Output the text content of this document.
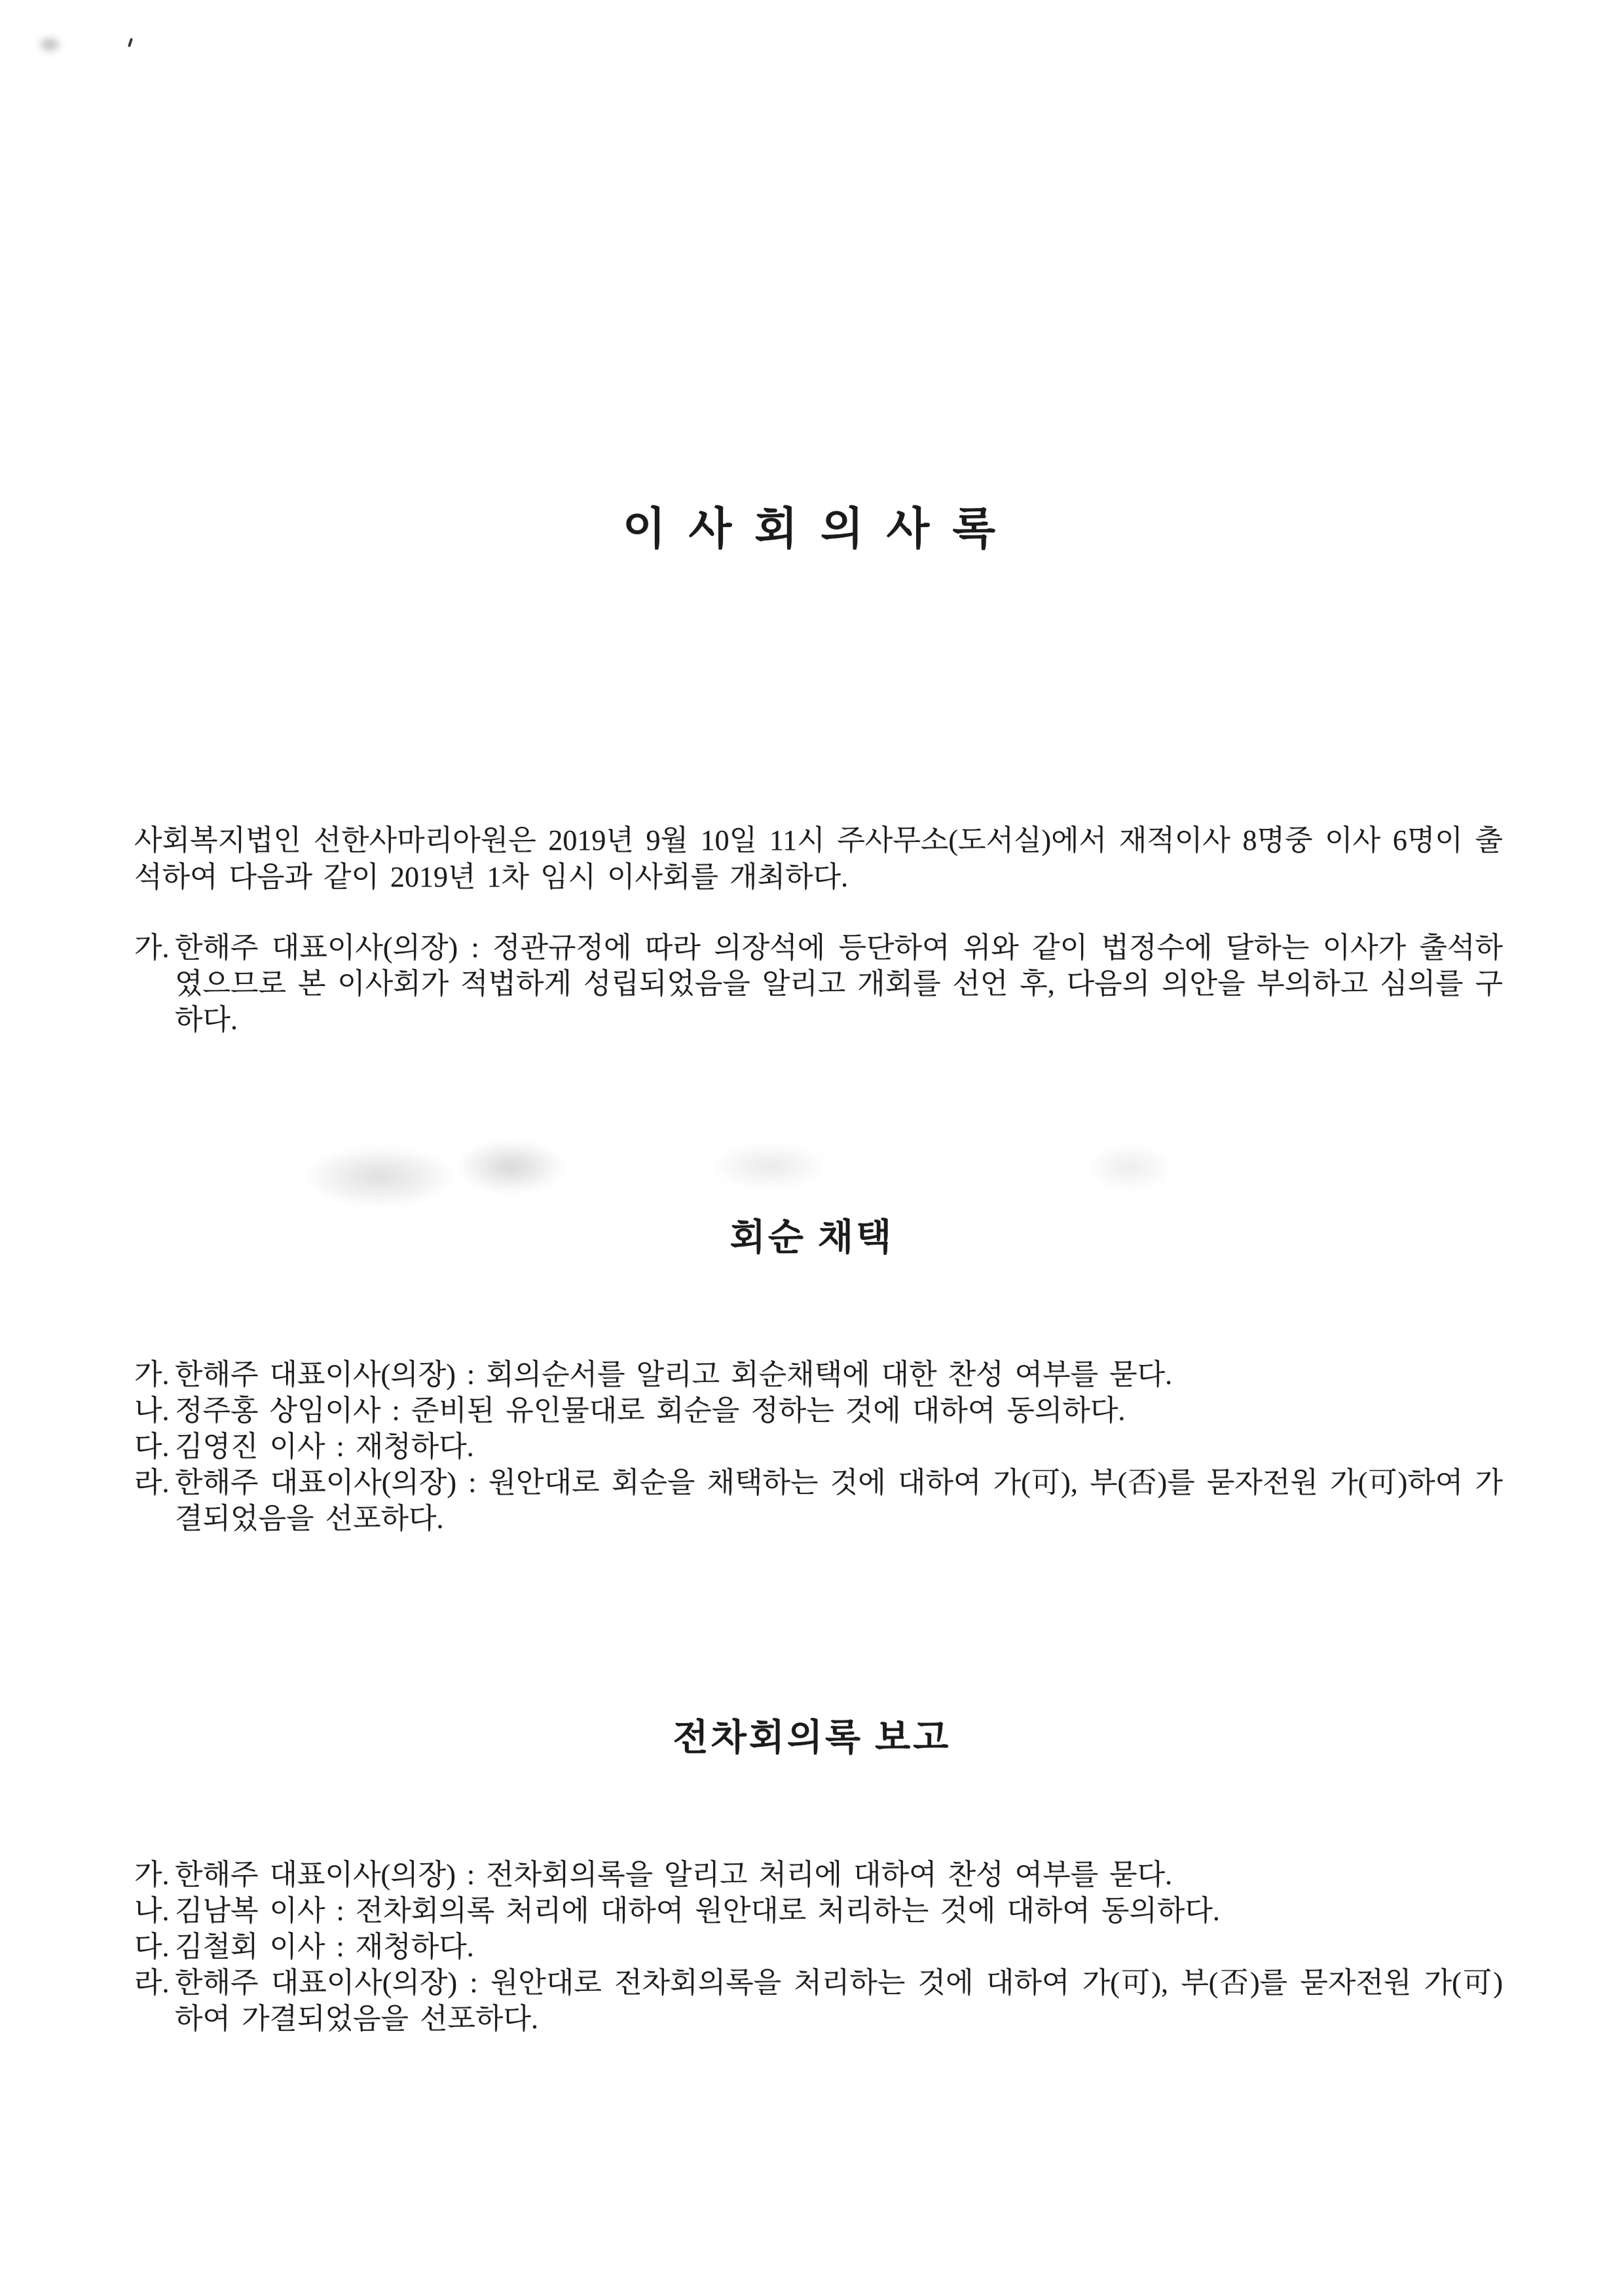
이 사 회 의 사 록
사회복지법인 선한사마리아원은 2019년 9월 10일 11시 주사무소(도서실)에서 재적이사 8명중 이사 6명이 출석하여 다음과 같이 2019년 1차 임시 이사회를 개최하다.
가. 한해주 대표이사(의장) : 정관규정에 따라 의장석에 등단하여 위와 같이 법정수에 달하는 이사가 출석하였으므로 본 이사회가 적법하게 성립되었음을 알리고 개회를 선언 후, 다음의 의안을 부의하고 심의를 구하다.
회순 채택
가. 한해주 대표이사(의장) : 회의순서를 알리고 회순채택에 대한 찬성 여부를 묻다.
나. 정주홍 상임이사 : 준비된 유인물대로 회순을 정하는 것에 대하여 동의하다.
다. 김영진 이사 : 재청하다.
라. 한해주 대표이사(의장) : 원안대로 회순을 채택하는 것에 대하여 가(可), 부(否)를 묻자전원 가(可)하여 가결되었음을 선포하다.
전차회의록 보고
가. 한해주 대표이사(의장) : 전차회의록을 알리고 처리에 대하여 찬성 여부를 묻다.
나. 김남복 이사 : 전차회의록 처리에 대하여 원안대로 처리하는 것에 대하여 동의하다.
다. 김철회 이사 : 재청하다.
라. 한해주 대표이사(의장) : 원안대로 전차회의록을 처리하는 것에 대하여 가(可), 부(否)를 묻자전원 가(可)하여 가결되었음을 선포하다.
